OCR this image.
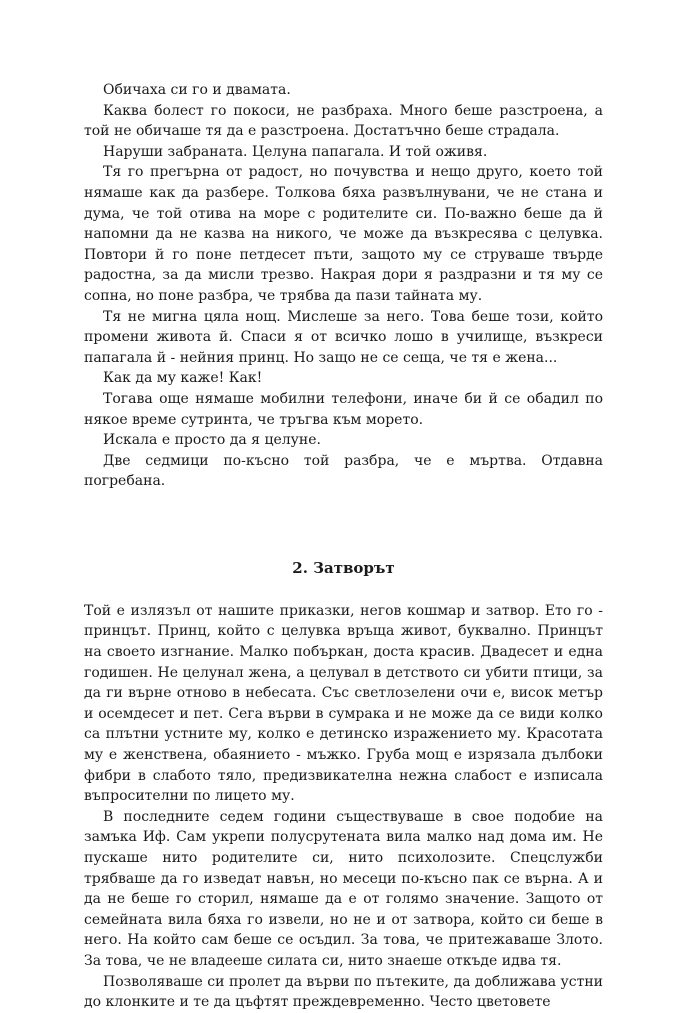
Обичаха си го и двамата.

Каква болест го покоси, не разбраха. Много беше разстроена, а той не обичаше тя да е разстроена. Достатъчно беше страдала.

Наруши забраната. Целуна папагала. И той оживя.

Тя го прегърна от радост, но почувства и нещо друго, което той нямаше как да разбере. Толкова бяха развълнувани, че не стана и дума, че той отива на море с родителите си. По-важно беше да й напомни да не казва на никого, че може да възкресява с целувка. Повтори й го поне петдесет пъти, защото му се струваше твърде радостна, за да мисли трезво. Накрая дори я раздразни и тя му се сопна, но поне разбра, че трябва да пази тайната му.

Тя не мигна цяла нощ. Мислеше за него. Това беше този, който промени живота й. Спаси я от всичко лошо в училище, възкреси папагала й - нейния принц. Но защо не се сеща, че тя е жена...

Как да му каже! Как!

Тогава още нямаше мобилни телефони, иначе би й се обадил по някое време сутринта, че тръгва към морето.

Искала е просто да я целуне.

Две седмици по-късно той разбра, че е мъртва. Отдавна погребана.

2. Затворът

Той е излязъл от нашите приказки, негов кошмар и затвор. Ето го - принцът. Принц, който с целувка връща живот, буквално. Принцът на своето изгнание. Малко побъркан, доста красив. Двадесет и една годишен. Не целунал жена, а целувал в детството си убити птици, за да ги върне отново в небесата. Със светлозелени очи е, висок метър и осемдесет и пет. Сега върви в сумрака и не може да се види колко са плътни устните му, колко е детинско изражението му. Красотата му е женствена, обаянието - мъжко. Груба мощ е изрязала дълбоки фибри в слабото тяло, предизвикателна нежна слабост е изписала въпросителни по лицето му.

В последните седем години съществуваше в свое подобие на замъка Иф. Сам укрепи полусрутената вила малко над дома им. Не пускаше нито родителите си, нито психолозите. Спецслужби трябваше да го изведат навън, но месеци по-късно пак се върна. А и да не беше го сторил, нямаше да е от голямо значение. Защото от семейната вила бяха го извели, но не и от затвора, който си беше в него. На който сам беше се осъдил. За това, че притежаваше Злото. За това, че не владееше силата си, нито знаеше откъде идва тя.

Позволяваше си пролет да върви по пътеките, да доближава устни до клонките и те да цъфтят преждевременно. Често цветовете
